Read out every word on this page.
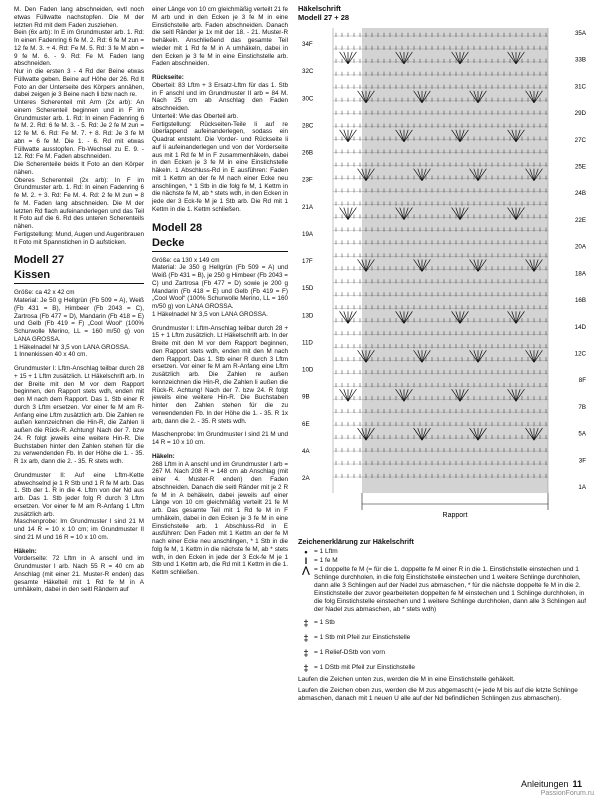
M. Den Faden lang abschneiden, evtl noch etwas Füllwatte nachstopfen. Die M der letzten Rd mit dem Faden zusziehen.

Bein (6x arb): In E im Grundmuster arb. 1. Rd: In einen Fadenring 6 fe M. 2. Rd: 6 fe M zun = 12 fe M. 3. + 4. Rd: Fe M. 5. Rd: 3 fe M abn = 9 fe M. 6. - 9. Rd: Fe M. Faden lang abschneiden.

Nur in die ersten 3 - 4 Rd der Beine etwas Füllwatte geben. Beine auf Höhe der 26. Rd lt Foto an der Unterseite des Körpers annähen, dabei zeigen je 3 Beine nach li bzw nach re.

Unteres Scherenteil mit Arm (2x arb): An einem Scherenteil beginnen und in F im Grundmuster arb. 1. Rd: In einen Fadenring 6 fe M. 2. Rd: 6 fe M. 3. - 5. Rd: Je 2 fe M zun = 12 fe M. 6. Rd: Fe M. 7. + 8. Rd: Je 3 fe M abn = 6 fe M. Die 1. - 6. Rd mit etwas Füllwatte ausstopfen. Fb-Wechsel zu E. 9. - 12. Rd: Fe M. Faden abschneiden.

Die Scherenteile beids lt Foto an den Körper nähen.

Oberes Scherenteil (2x arb): In F im Grundmuster arb. 1. Rd: In einen Fadenring 6 fe M. 2. + 3. Rd: Fe M. 4. Rd: 2 fe M zun = 8 fe M. Faden lang abschneiden. Die M der letzten Rd flach aufeinanderlegen und das Teil lt Foto auf die 6. Rd des unteren Scherenteils nähen.

Fertigstellung: Mund, Augen und Augenbrauen lt Foto mit Spannstichen in D aufsticken.

Modell 27
Kissen

Größe: ca 42 x 42 cm

Material: Je 50 g Hellgrün (Fb 509 = A), Weiß (Fb 431 = B), Himbeer (Fb 2043 = C), Zartrosa (Fb 477 = D), Mandarin (Fb 418 = E) und Gelb (Fb 419 = F) „Cool Wool“ (100% Schurwolle Merino, LL = 160 m/50 g) von LANA GROSSA.

1 Häkelnadel Nr 3,5 von LANA GROSSA.

1 Innenkissen 40 x 40 cm.

Grundmuster I: Lftm-Anschlag teilbar durch 28 + 15 + 1 Lftm zusätzlich. Lt Häkelschrift arb. In der Breite mit den M vor dem Rapport beginnen, den Rapport stets wdh, enden mit den M nach dem Rapport. Das 1. Stb einer R durch 3 Lftm ersetzen. Vor einer fe M am R-Anfang eine Lftm zusätzlich arb. Die Zahlen re außen kennzeichnen die Hin-R, die Zahlen li außen die Rück-R. Achtung! Nach der 7. bzw 24. R folgt jeweils eine weitere Hin-R. Die Buchstaben hinter den Zahlen stehen für die zu verwendenden Fb. In der Höhe die 1. - 35. R 1x arb, dann die 2. - 35. R stets wdh.

Grundmuster II: Auf eine Lftm-Kette abwechselnd je 1 R Stb und 1 R fe M arb. Das 1. Stb der 1. R in die 4. Lftm von der Nd aus arb. Das 1. Stb jeder folg R durch 3 Lftm ersetzen. Vor einer fe M am R-Anfang 1 Lftm zusätzlich arb.

Maschenprobe: Im Grundmuster I sind 21 M und 14 R = 10 x 10 cm; im Grundmuster II sind 21 M und 16 R = 10 x 10 cm.

Häkeln:

Vorderseite: 72 Lftm in A anschl und im Grundmuster I arb. Nach 55 R = 40 cm ab Anschlag (mit einer 21. Muster-R enden) das gesamte Häkelteil mit 1 Rd fe M in A umhäkeln, dabei in den seitl Rändern auf

einer Länge von 10 cm gleichmäßig verteilt 21 fe M arb und in den Ecken je 3 fe M in eine Einstichstelle arb. Faden abschneiden. Danach die seitl Ränder je 1x mit der 18. - 21. Muster-R behäkeln. Anschließend das gesamte Teil wieder mit 1 Rd fe M in A umhäkeln, dabei in den Ecken je 3 fe M in eine Einstichstelle arb. Faden abschneiden.

Rückseite:

Oberteil: 83 Lftm + 3 Ersatz-Lftm für das 1. Stb in F anschl und im Grundmuster II arb = 84 M. Nach 25 cm ab Anschlag den Faden abschneiden.

Unterteil: Wie das Oberteil arb.

Fertigstellung: Rückseiten-Teile li auf re überlappend aufeinanderlegen, sodass ein Quadrat entsteht. Die Vorder- und Rückseite li auf li aufeinanderlegen und von der Vorderseite aus mit 1 Rd fe M in F zusammenhäkeln, dabei in den Ecken je 3 fe M in eine Einstichstelle häkeln. 1 Abschluss-Rd in E ausführen: Faden mit 1 Kettm an der fe M nach einer Ecke neu anschlingen, * 1 Stb in die folg fe M, 1 Kettm in die nächste fe M, ab * stets wdh, in den Ecken in jede der 3 Eck-fe M je 1 Stb arb. Die Rd mit 1 Kettm in die 1. Kettm schließen.

Modell 28
Decke

Größe: ca 130 x 149 cm

Material: Je 350 g Hellgrün (Fb 509 = A) und Weiß (Fb 431 = B), je 250 g Himbeer (Fb 2043 = C) und Zartrosa (Fb 477 = D) sowie je 200 g Mandarin (Fb 418 = E) und Gelb (Fb 419 = F) „Cool Wool“ (100% Schurwolle Merino, LL = 160 m/50 g) von LANA GROSSA.

1 Häkelnadel Nr 3,5 von LANA GROSSA.

Grundmuster I: Lftm-Anschlag teilbar durch 28 + 15 + 1 Lftm zusätzlich. Lt Häkelschrift arb. In der Breite mit den M vor dem Rapport beginnen, den Rapport stets wdh, enden mit den M nach dem Rapport. Das 1. Stb einer R durch 3 Lftm ersetzen. Vor einer fe M am R-Anfang eine Lftm zusätzlich arb. Die Zahlen re außen kennzeichnen die Hin-R, die Zahlen li außen die Rück-R. Achtung! Nach der 7. bzw 24. R folgt jeweils eine weitere Hin-R. Die Buchstaben hinter den Zahlen stehen für die zu verwendenden Fb. In der Höhe die 1. - 35. R 1x arb, dann die 2. - 35. R stets wdh.

Maschenprobe: Im Grundmuster I sind 21 M und 14 R = 10 x 10 cm.

Häkeln:

268 Lftm in A anschl und im Grundmuster I arb = 267 M. Nach 208 R = 148 cm ab Anschlag (mit einer 4. Muster-R enden) den Faden abschneiden. Danach die seitl Ränder mit je 2 R fe M in A behäkeln, dabei jeweils auf einer Länge von 10 cm gleichmäßig verteilt 21 fe M arb. Das gesamte Teil mit 1 Rd fe M in F umhäkeln, dabei in den Ecken je 3 fe M in eine Einstichstelle arb. 1 Abschluss-Rd in E ausführen: Den Faden mit 1 Kettm an der fe M nach einer Ecke neu anschlingen, * 1 Stb in die folg fe M, 1 Kettm in die nächste fe M, ab * stets wdh, in den Ecken in jede der 3 Eck-fe M je 1 Stb und 1 Kettm arb, die Rd mit 1 Kettm in die 1. Kettm schließen.

Häkelschrift
Modell 27 + 28
35A
33B
31C
29D
27C
25E
24B
22E
20A
18A
16B
14D
12C
8F
7B
5A
3F
1A
34F
32C
30C
28C
26B
23F
21A
19A
17F
15D
13D
11D
10D
9B
6E
4A
2A
Rapport
Zeichenerklärung zur Häkelschrift
• = 1 Lftm
I	= 1 fe M
⋀ = 1 doppelte fe M (= für die 1. doppelte fe M einer R in die 1. Einstichstelle einstechen und 1 Schlinge durchholen, in die folg Einstichstelle einstechen und 1 weitere Schlinge durchholen, dann alle 3 Schlingen auf der Nadel zus abmaschen, * für die nächste doppelte fe M in die 2. Einstichstelle der zuvor gearbeiteten doppelten fe M einstechen und 1 Schlinge durchholen, in die folg Einstichstelle einstechen und 1 weitere Schlinge durchholen, dann alle 3 Schlingen auf der Nadel zus abmaschen, ab * stets wdh)
‡ = 1 Stb
‡ = 1 Stb mit Pfeil zur Einstichstelle
‡ = 1 Relief-DStb von vorn
‡ = 1 DStb mit Pfeil zur Einstichstelle

Laufen die Zeichen unten zus, werden die M in eine Einstichstelle gehäkelt.

Laufen die Zeichen oben zus, werden die M zus abgemascht (= jede M bis auf die letzte Schlinge abmaschen, danach mit 1 neuen U alle auf der Nd befindlichen Schlingen zus abmaschen).

Anleitungen 11
PassionForum.ru
